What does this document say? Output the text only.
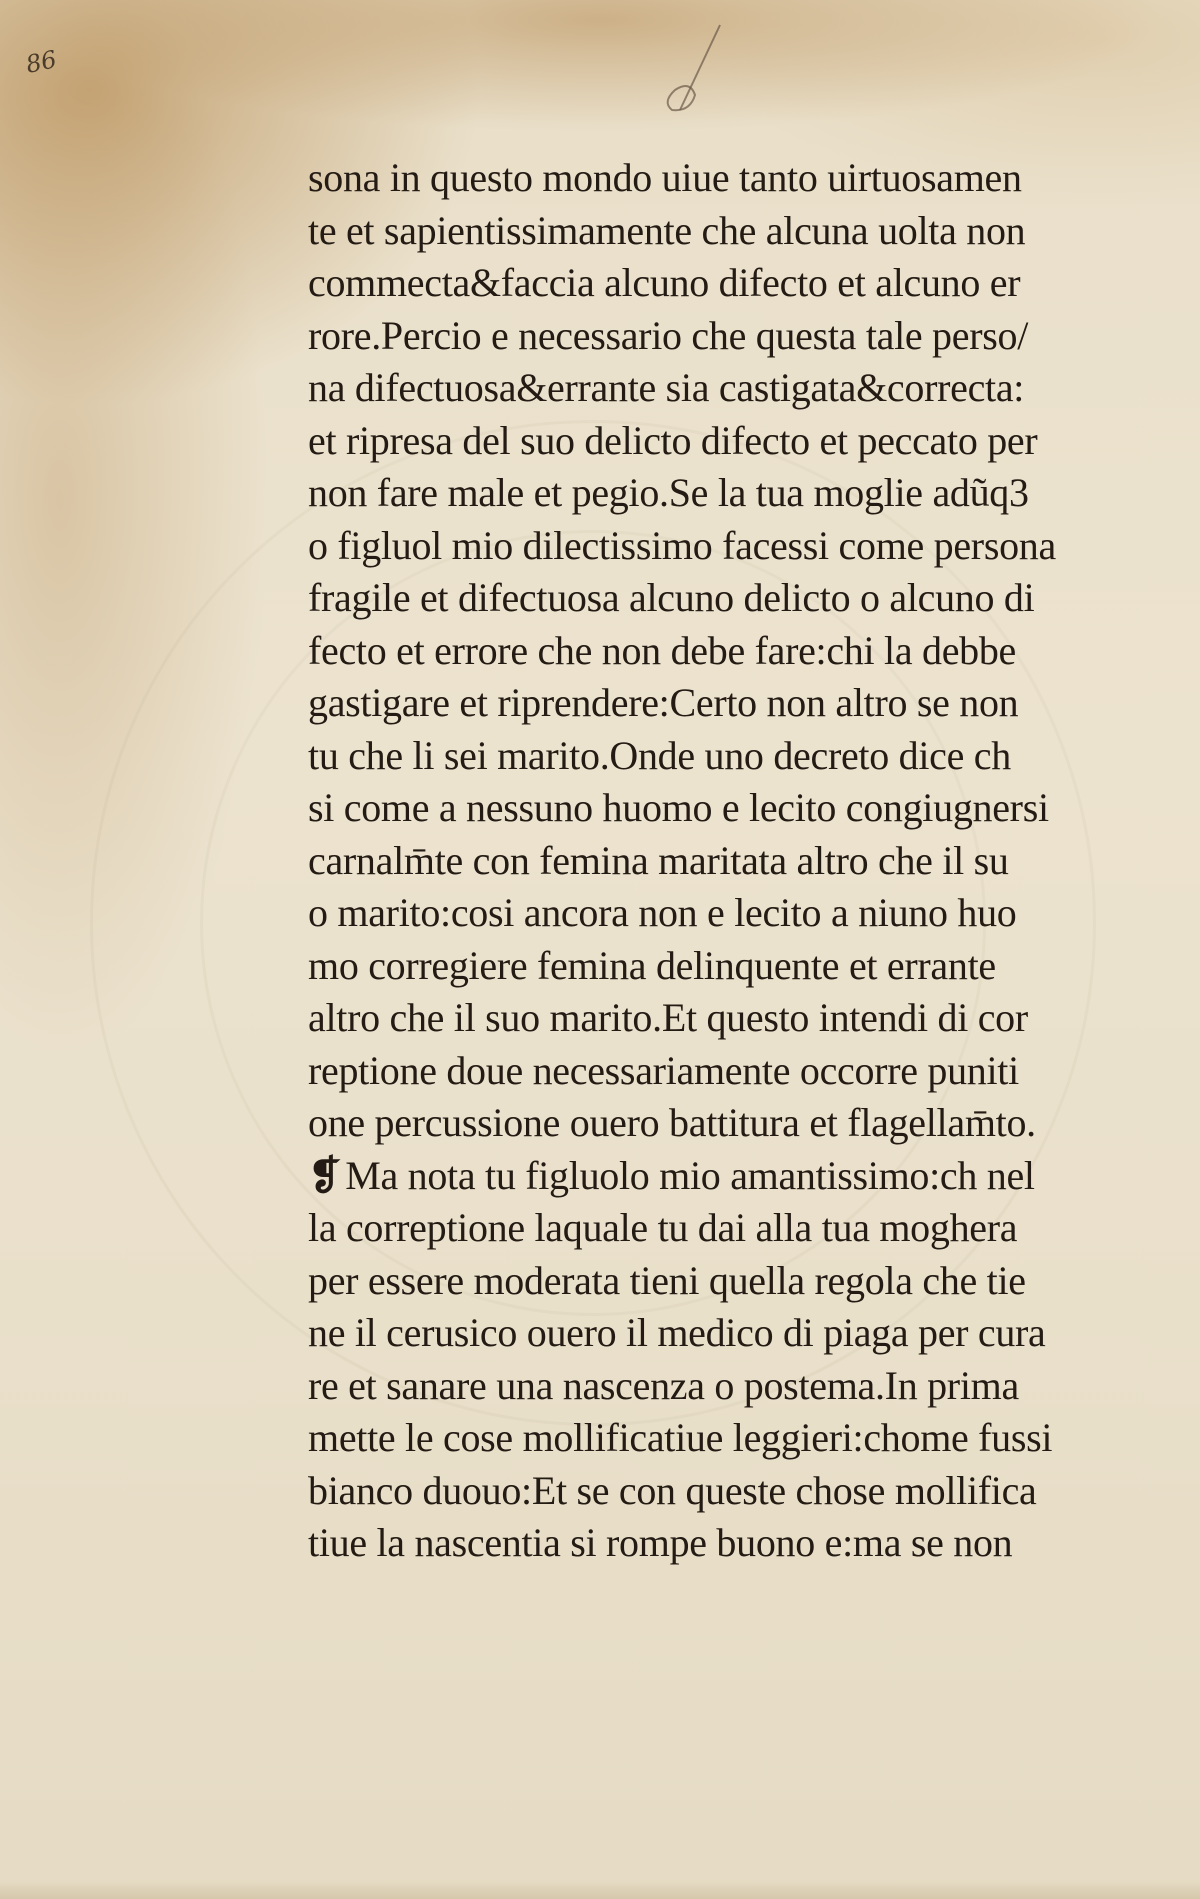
86
sona in questo mondo uiue tanto uirtuosamen
te et sapientissimamente che alcuna uolta non
commecta&faccia alcuno difecto et alcuno er
rore.Percio e necessario che questa tale perso/
na difectuosa&errante sia castigata&correcta:
et ripresa del suo delicto difecto et peccato per
non fare male et pegio.Se la tua moglie adũq3
o figluol mio dilectissimo facessi come persona
fragile et difectuosa alcuno delicto o alcuno di
fecto et errore che non debe fare:chi la debbe
gastigare et riprendere:Certo non altro se non
tu che li sei marito.Onde uno decreto dice ch
si come a nessuno huomo e lecito congiugnersi
carnalm̄te con femina maritata altro che il su
o marito:cosi ancora non e lecito a niuno huo
mo corregiere femina delinquente et errante
altro che il suo marito.Et questo intendi di cor
reptione doue necessariamente occorre puniti
one percussione ouero battitura et flagellam̄to.
❡ Ma nota tu figluolo mio amantissimo:ch nel
la correptione laquale tu dai alla tua moghera
per essere moderata tieni quella regola che tie
ne il cerusico ouero il medico di piaga per cura
re et sanare una nascenza o postema.In prima
mette le cose mollificatiue leggieri:chome fussi
bianco duouo:Et se con queste chose mollifica
tiue la nascentia si rompe buono e:ma se non
